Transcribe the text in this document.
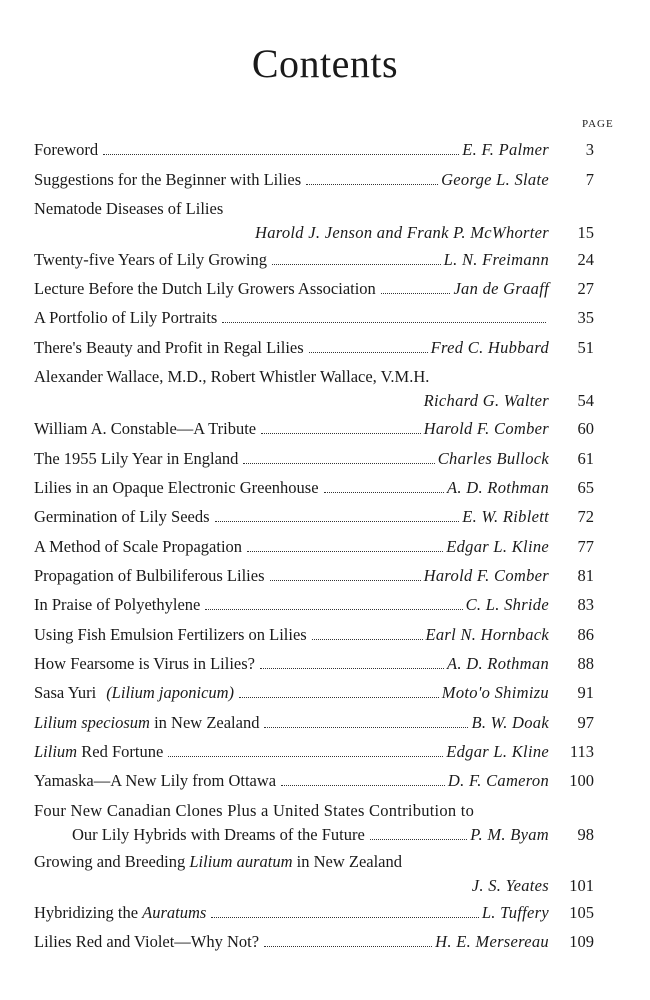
Contents
PAGE
Foreword	E. F. Palmer	3
Suggestions for the Beginner with Lilies	George L. Slate	7
Nematode Diseases of Lilies
Harold J. Jenson and Frank P. McWhorter	15
Twenty-five Years of Lily Growing	L. N. Freimann	24
Lecture Before the Dutch Lily Growers Association	Jan de Graaff	27
A Portfolio of Lily Portraits	35
There's Beauty and Profit in Regal Lilies	Fred C. Hubbard	51
Alexander Wallace, M.D., Robert Whistler Wallace, V.M.H.
Richard G. Walter	54
William A. Constable—A Tribute	Harold F. Comber	60
The 1955 Lily Year in England	Charles Bullock	61
Lilies in an Opaque Electronic Greenhouse	A. D. Rothman	65
Germination of Lily Seeds	E. W. Riblett	72
A Method of Scale Propagation	Edgar L. Kline	77
Propagation of Bulbiliferous Lilies	Harold F. Comber	81
In Praise of Polyethylene	C. L. Shride	83
Using Fish Emulsion Fertilizers on Lilies	Earl N. Hornback	86
How Fearsome is Virus in Lilies?	A. D. Rothman	88
Sasa Yuri (Lilium japonicum)	Moto'o Shimizu	91
Lilium speciosum in New Zealand	B. W. Doak	97
Lilium Red Fortune	Edgar L. Kline	113
Yamaska—A New Lily from Ottawa	D. F. Cameron	100
Four New Canadian Clones Plus a United States Contribution to
Our Lily Hybrids with Dreams of the Future	P. M. Byam	98
Growing and Breeding Lilium auratum in New Zealand
J. S. Yeates	101
Hybridizing the Auratums	L. Tuffery	105
Lilies Red and Violet—Why Not?	H. E. Mersereau	109
